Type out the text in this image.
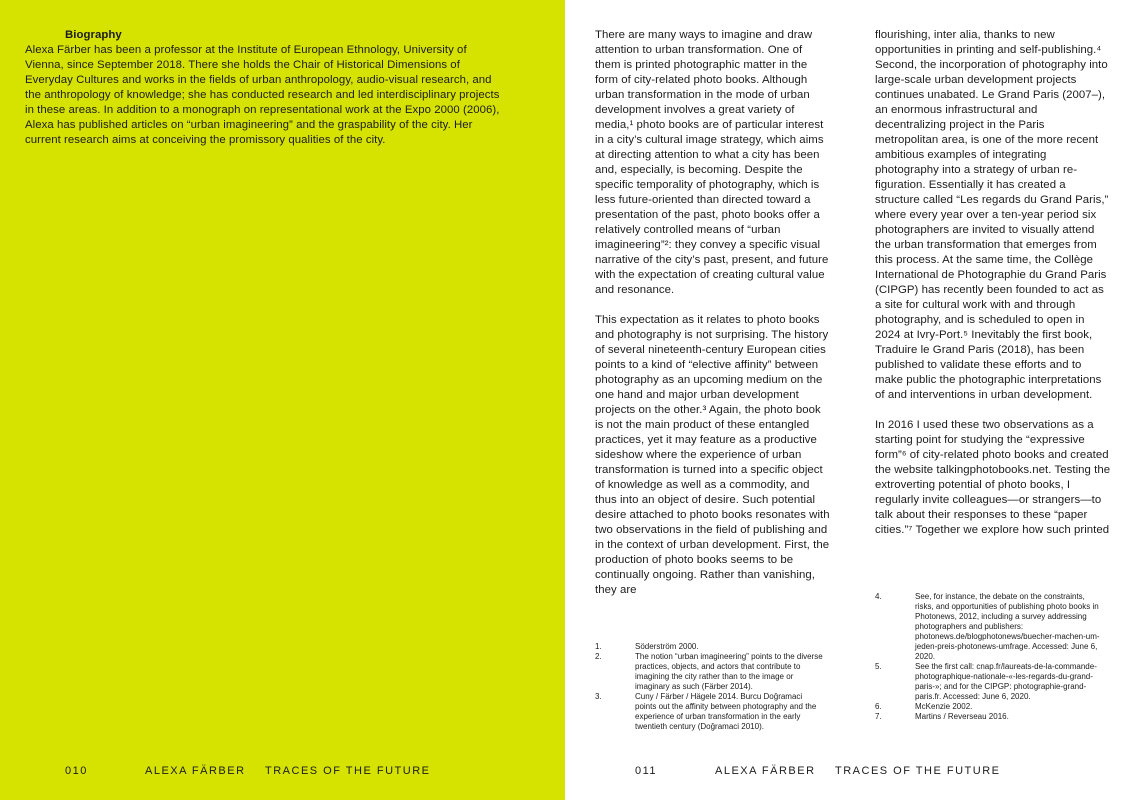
Biography
Alexa Färber has been a professor at the Institute of European Ethnology, University of Vienna, since September 2018. There she holds the Chair of Historical Dimensions of Everyday Cultures and works in the fields of urban anthropology, audio-visual research, and the anthropology of knowledge; she has conducted research and led interdisciplinary projects in these areas. In addition to a monograph on representational work at the Expo 2000 (2006), Alexa has published articles on “urban imagineering” and the graspability of the city. Her current research aims at conceiving the promissory qualities of the city.
010	ALEXA FÄRBER TRACES OF THE FUTURE

There are many ways to imagine and draw attention to urban transformation. One of them is printed photographic matter in the form of city-related photo books. Although urban transformation in the mode of urban development involves a great variety of media,¹ photo books are of particular interest in a city’s cultural image strategy, which aims at directing attention to what a city has been and, especially, is becoming. Despite the specific temporality of photography, which is less future-oriented than directed toward a presentation of the past, photo books offer a relatively controlled means of “urban imagineering”²: they convey a specific visual narrative of the city’s past, present, and future with the expectation of creating cultural value and resonance.

This expectation as it relates to photo books and photography is not surprising. The history of several nineteenth-century European cities points to a kind of “elective affinity” between photography as an upcoming medium on the one hand and major urban development projects on the other.³ Again, the photo book is not the main product of these entangled practices, yet it may feature as a productive sideshow where the experience of urban transformation is turned into a specific object of knowledge as well as a commodity, and thus into an object of desire. Such potential desire attached to photo books resonates with two observations in the field of publishing and in the context of urban development. First, the production of photo books seems to be continually ongoing. Rather than vanishing, they are

flourishing, inter alia, thanks to new opportunities in printing and self-publishing.⁴ Second, the incorporation of photography into large-scale urban development projects continues unabated. Le Grand Paris (2007–), an enormous infrastructural and decentralizing project in the Paris metropolitan area, is one of the more recent ambitious examples of integrating photography into a strategy of urban re-figuration. Essentially it has created a structure called “Les regards du Grand Paris,” where every year over a ten-year period six photographers are invited to visually attend the urban transformation that emerges from this process. At the same time, the Collège International de Photographie du Grand Paris (CIPGP) has recently been founded to act as a site for cultural work with and through photography, and is scheduled to open in 2024 at Ivry-Port.⁵ Inevitably the first book, Traduire le Grand Paris (2018), has been published to validate these efforts and to make public the photographic interpretations of and interventions in urban development.

In 2016 I used these two observations as a starting point for studying the “expressive form”⁶ of city-related photo books and created the website talkingphotobooks.net. Testing the extroverting potential of photo books, I regularly invite colleagues—or strangers—to talk about their responses to these “paper cities.”⁷ Together we explore how such printed

1.	Söderström 2000.
2.	The notion “urban imagineering” points to the diverse practices, objects, and actors that contribute to imagining the city rather than to the image or imaginary as such (Färber 2014).
3.	Cuny / Färber / Hägele 2014. Burcu Doğramaci points out the affinity between photography and the experience of urban transformation in the early twentieth century (Doğramaci 2010).
4.	See, for instance, the debate on the constraints, risks, and opportunities of publishing photo books in Photonews, 2012, including a survey addressing photographers and publishers: photonews.de/blogphotonews/buecher-machen-um-jeden-preis-photonews-umfrage. Accessed: June 6, 2020.
5.	See the first call: cnap.fr/laureats-de-la-commande-photographique-nationale-«-les-regards-du-grand-paris-»; and for the CIPGP: photographie-grand-paris.fr. Accessed: June 6, 2020.
6.	McKenzie 2002.
7.	Martins / Reverseau 2016.
011	ALEXA FÄRBER TRACES OF THE FUTURE
